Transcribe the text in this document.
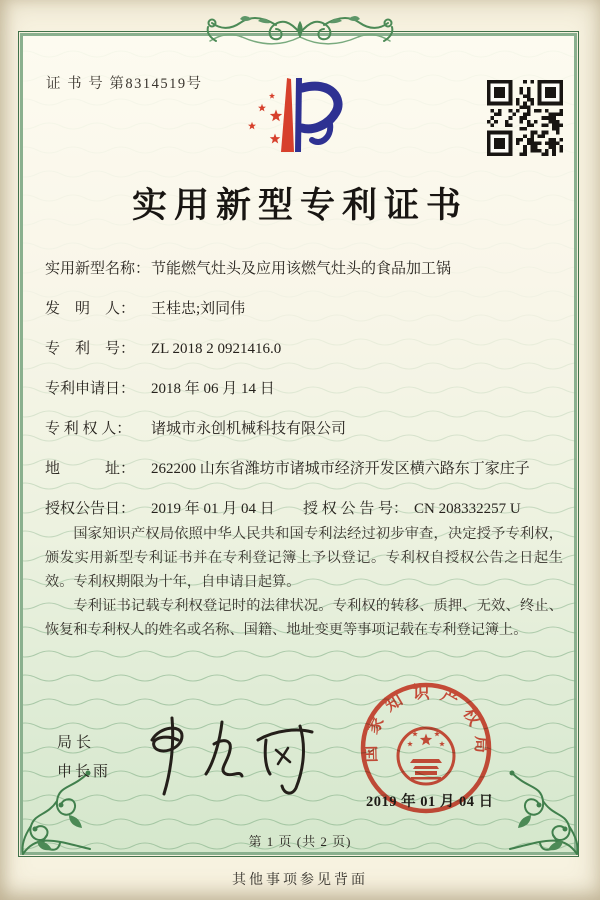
证 书 号 第8314519号
实用新型专利证书
实用新型名称： 节能燃气灶头及应用该燃气灶头的食品加工锅
发　明　人：	王桂忠;刘同伟
专　利　号：	ZL 2018 2 0921416.0
专利申请日：	2018 年 06 月 14 日
专 利 权 人：	诸城市永创机械科技有限公司
地　　　址：	262200 山东省潍坊市诸城市经济开发区横六路东丁家庄子
授权公告日： 2019 年 01 月 04 日 授 权 公 告 号： CN 208332257 U

国家知识产权局依照中华人民共和国专利法经过初步审查，决定授予专利权，颁发实用新型专利证书并在专利登记簿上予以登记。专利权自授权公告之日起生效。专利权期限为十年，自申请日起算。

专利证书记载专利权登记时的法律状况。专利权的转移、质押、无效、终止、恢复和专利权人的姓名或名称、国籍、地址变更等事项记载在专利登记簿上。

局长
申长雨
国家知识产权局
2019 年 01 月 04 日
第 1 页 (共 2 页)
其他事项参见背面
